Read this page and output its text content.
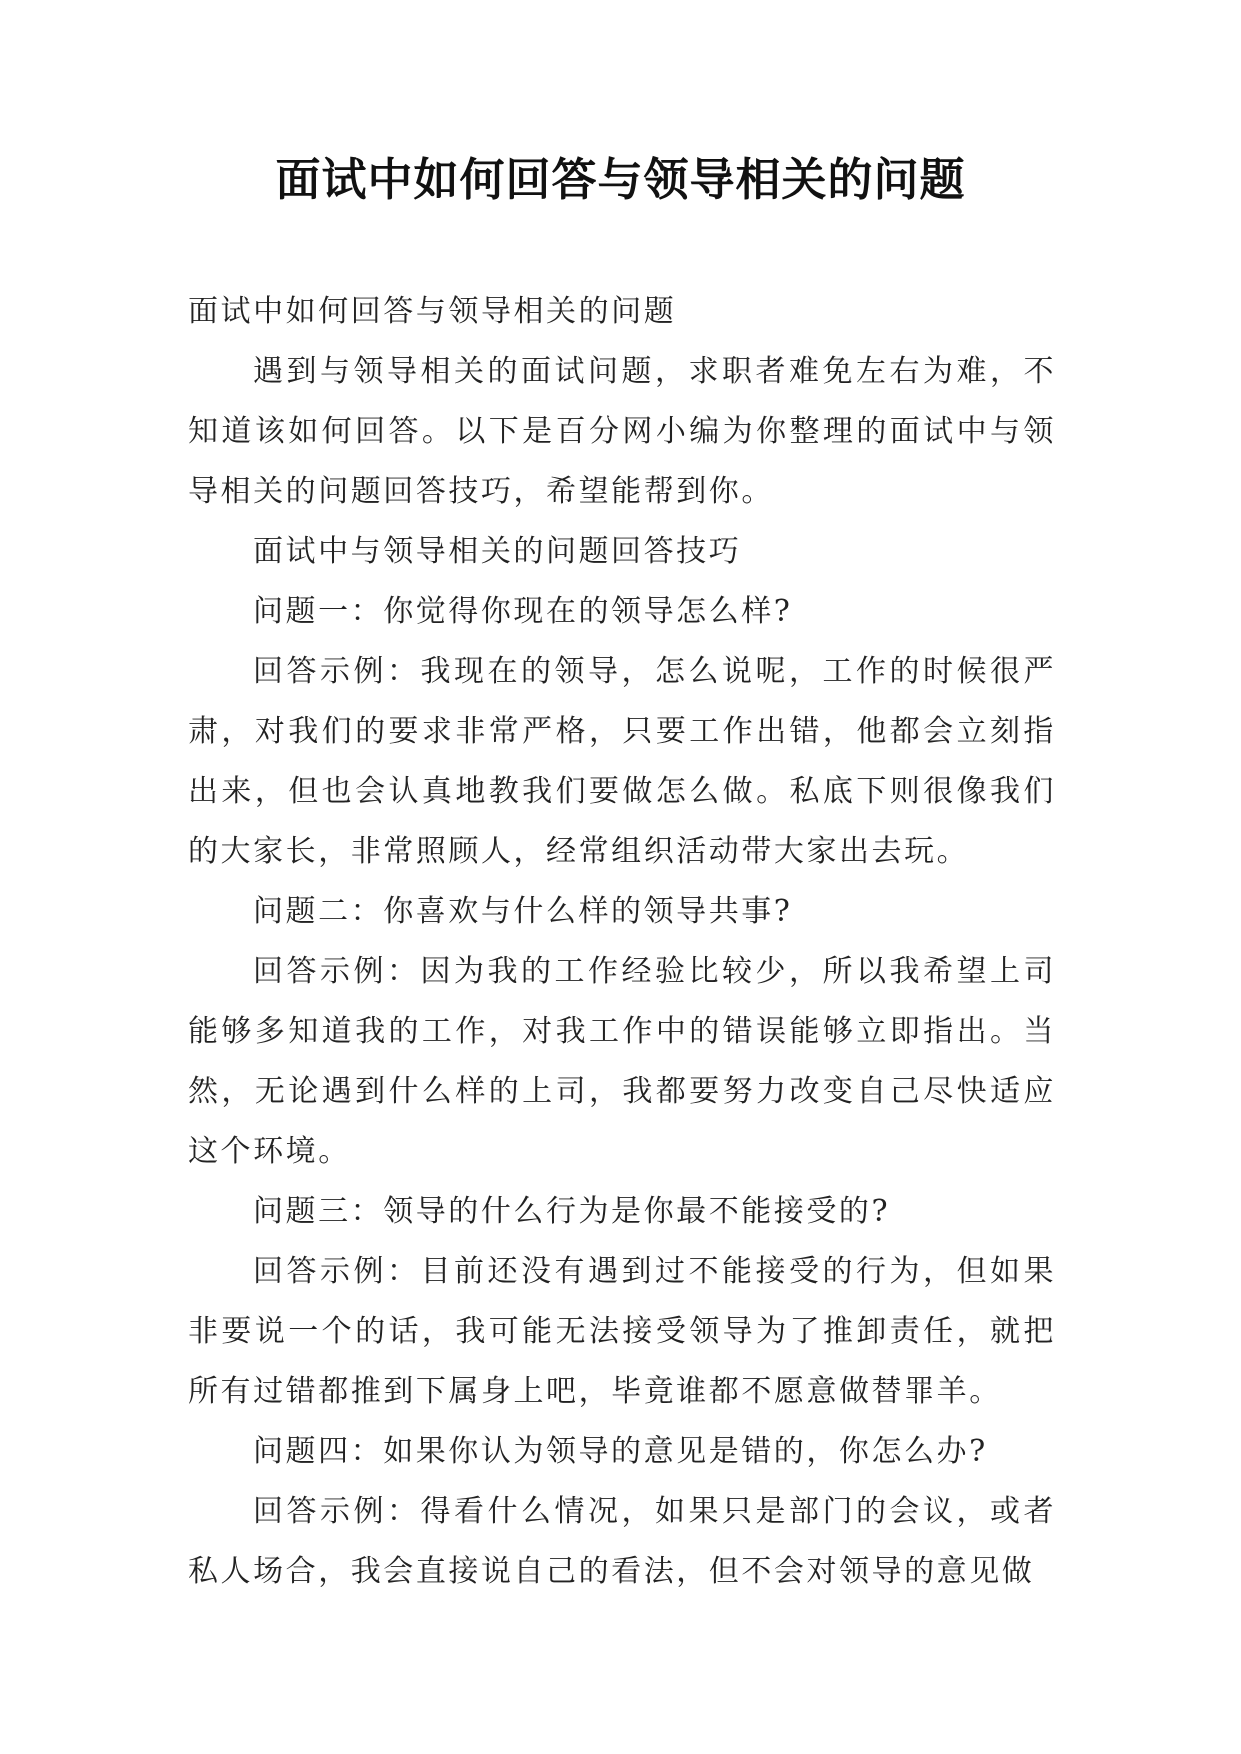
面试中如何回答与领导相关的问题

面试中如何回答与领导相关的问题

遇到与领导相关的面试问题，求职者难免左右为难，不知道该如何回答。以下是百分网小编为你整理的面试中与领导相关的问题回答技巧，希望能帮到你。

面试中与领导相关的问题回答技巧

问题一：你觉得你现在的领导怎么样?

回答示例：我现在的领导，怎么说呢，工作的时候很严肃，对我们的要求非常严格，只要工作出错，他都会立刻指出来，但也会认真地教我们要做怎么做。私底下则很像我们的大家长，非常照顾人，经常组织活动带大家出去玩。

问题二：你喜欢与什么样的领导共事?

回答示例：因为我的工作经验比较少，所以我希望上司能够多知道我的工作，对我工作中的错误能够立即指出。当然，无论遇到什么样的上司，我都要努力改变自己尽快适应这个环境。

问题三：领导的什么行为是你最不能接受的?

回答示例：目前还没有遇到过不能接受的行为，但如果非要说一个的话，我可能无法接受领导为了推卸责任，就把所有过错都推到下属身上吧，毕竟谁都不愿意做替罪羊。

问题四：如果你认为领导的意见是错的，你怎么办?

回答示例：得看什么情况，如果只是部门的会议，或者私人场合，我会直接说自己的看法，但不会对领导的意见做
